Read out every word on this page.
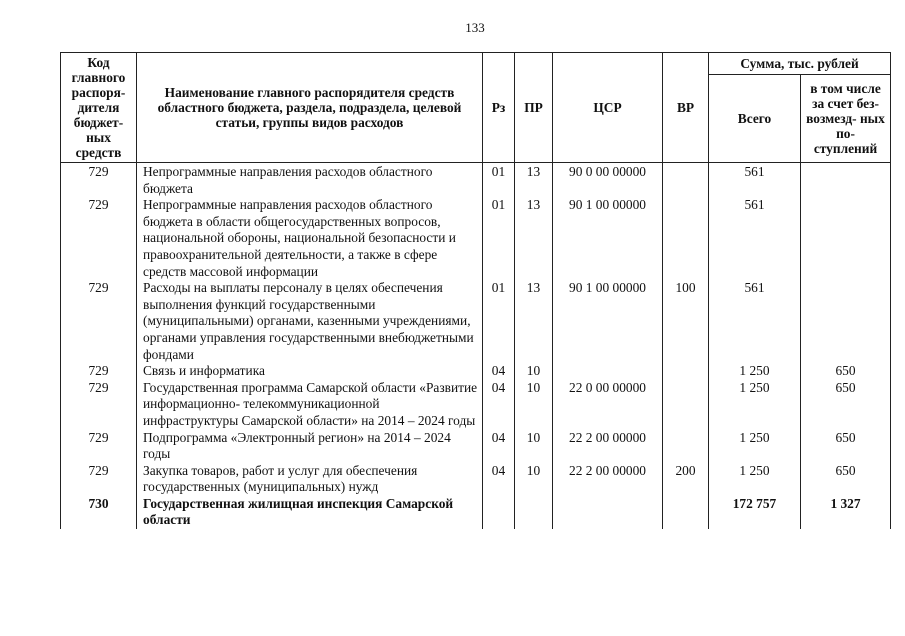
133
Код главного распоря- дителя бюджет- ных средств	Наименование главного распорядителя средств областного бюджета, раздела, подраздела, целевой статьи, группы видов расходов	Рз	ПР	ЦСР	ВР	Сумма, тыс. рублей	
						Всего	в том числе за счет без- возмезд- ных по- ступлений
729	Непрограммные направления расходов областного бюджета	01	13	90 0 00 00000		561	
729	Непрограммные направления расходов областного бюджета в области общегосударственных вопросов, национальной обороны, национальной безопасности и правоохранительной деятельности, а также в сфере средств массовой информации	01	13	90 1 00 00000		561	
729	Расходы на выплаты персоналу в целях обеспечения выполнения функций государственными (муниципальными) органами, казенными учреждениями, органами управления государственными внебюджетными фондами	01	13	90 1 00 00000	100	561	
729	Связь и информатика	04	10			1 250	650
729	Государственная программа Самарской области «Развитие информационно- телекоммуникационной инфраструктуры Самарской области» на 2014 – 2024 годы	04	10	22 0 00 00000		1 250	650
729	Подпрограмма «Электронный регион» на 2014 – 2024 годы	04	10	22 2 00 00000		1 250	650
729	Закупка товаров, работ и услуг для обеспечения государственных (муниципальных) нужд	04	10	22 2 00 00000	200	1 250	650
730	Государственная жилищная инспекция Самарской области					172 757	1 327
